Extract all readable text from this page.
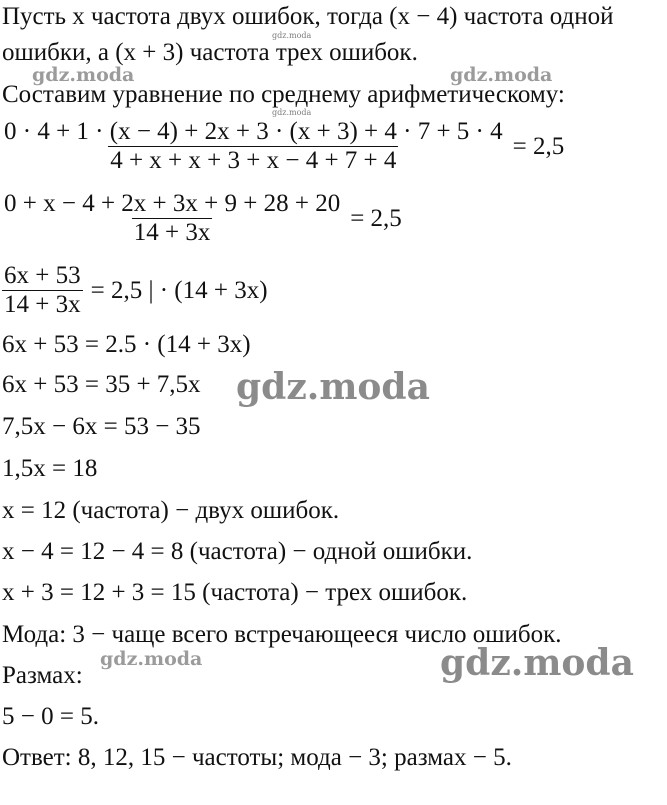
Пусть x частота двух ошибок, тогда (x − 4) частота одной
ошибки, а (x + 3) частота трех ошибок.
Составим уравнение по среднему арифметическому:
$\frac{0 \cdot 4 + 1 \cdot (x - 4) + 2x + 3 \cdot (x + 3) + 4 \cdot 7 + 5 \cdot 4}{4 + x + x + 3 + x - 4 + 7 + 4} = 2,5$
$\frac{0 + x - 4 + 2x + 3x + 9 + 28 + 20}{14 + 3x} = 2,5$
$\frac{6x + 53}{14 + 3x} = 2,5$ | · (14 + 3x)
6x + 53 = 2.5 · (14 + 3x)
6x + 53 = 35 + 7,5x
7,5x − 6x = 53 − 35
1,5x = 18
x = 12 (частота) − двух ошибок.
x − 4 = 12 − 4 = 8 (частота) − одной ошибки.
x + 3 = 12 + 3 = 15 (частота) − трех ошибок.
Мода: 3 − чаще всего встречающееся число ошибок.
Размах:
5 − 0 = 5.
Ответ: 8, 12, 15 − частоты; мода − 3; размах − 5.
gdz.moda
gdz.moda	gdz.moda
gdz.moda
gdz.moda
gdz.moda	gdz.moda
